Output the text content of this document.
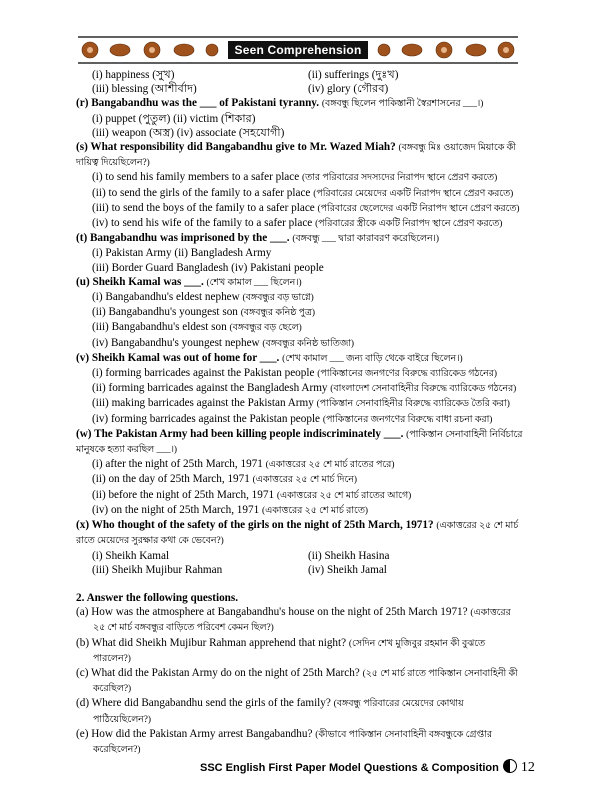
Seen Comprehension
(i) happiness (সুখ)	(ii) sufferings (দুঃখ)
(iii) blessing (আশীর্বাদ)	(iv) glory (গৌরব)
(r) Bangabandhu was the ___ of Pakistani tyranny. (বঙ্গবন্ধু ছিলেন পাকিস্তানী স্বৈরশাসনের ___।)
(i) puppet (পুতুল) (ii) victim (শিকার)
(iii) weapon (অস্ত্র) (iv) associate (সহযোগী)
(s) What responsibility did Bangabandhu give to Mr. Wazed Miah? (বঙ্গবন্ধু মিঃ ওয়াজেদ মিয়াকে কী দায়িত্ব দিয়েছিলেন?)
(i) to send his family members to a safer place (তার পরিবারের সদস্যদের নিরাপদ স্থানে প্রেরণ করতে)
(ii) to send the girls of the family to a safer place (পরিবারের মেয়েদের একটি নিরাপদ স্থানে প্রেরণ করতে)
(iii) to send the boys of the family to a safer place (পরিবারের ছেলেদের একটি নিরাপদ স্থানে প্রেরণ করতে)
(iv) to send his wife of the family to a safer place (পরিবারের স্ত্রীকে একটি নিরাপদ স্থানে প্রেরণ করতে)
(t) Bangabandhu was imprisoned by the ___. (বঙ্গবন্ধু ___ দ্বারা কারাবরণ করেছিলেন।)
(i) Pakistan Army (ii) Bangladesh Army
(iii) Border Guard Bangladesh (iv) Pakistani people
(u) Sheikh Kamal was ___. (শেখ কামাল ___ ছিলেন।)
(i) Bangabandhu's eldest nephew (বঙ্গবন্ধুর বড় ভাগ্নে)
(ii) Bangabandhu's youngest son (বঙ্গবন্ধুর কনিষ্ঠ পুত্র)
(iii) Bangabandhu's eldest son (বঙ্গবন্ধুর বড় ছেলে)
(iv) Bangabandhu's youngest nephew (বঙ্গবন্ধুর কনিষ্ঠ ভাতিজা)
(v) Sheikh Kamal was out of home for ___. (শেখ কামাল ___ জন্য বাড়ি থেকে বাইরে ছিলেন।)
(i) forming barricades against the Pakistan people (পাকিস্তানের জনগণের বিরুদ্ধে ব্যারিকেড গঠনের)
(ii) forming barricades against the Bangladesh Army (বাংলাদেশ সেনাবাহিনীর বিরুদ্ধে ব্যারিকেড গঠনের)
(iii) making barricades against the Pakistan Army (পাকিস্তান সেনাবাহিনীর বিরুদ্ধে ব্যারিকেড তৈরি করা)
(iv) forming barricades against the Pakistan people (পাকিস্তানের জনগণের বিরুদ্ধে বাধা রচনা করা)
(w) The Pakistan Army had been killing people indiscriminately ___. (পাকিস্তান সেনাবাহিনী নির্বিচারে মানুষকে হত্যা করছিল ___।)
(i) after the night of 25th March, 1971 (একাত্তরের ২৫ শে মার্চ রাতের পরে)
(ii) on the day of 25th March, 1971 (একাত্তরের ২৫ শে মার্চ দিনে)
(ii) before the night of 25th March, 1971 (একাত্তরের ২৫ শে মার্চ রাতের আগে)
(iv) on the night of 25th March, 1971 (একাত্তরের ২৫ শে মার্চ রাতে)
(x) Who thought of the safety of the girls on the night of 25th March, 1971? (একাত্তরের ২৫ শে মার্চ রাতে মেয়েদের সুরক্ষার কথা কে ভেবেন?)
(i) Sheikh Kamal	(ii) Sheikh Hasina
(iii) Sheikh Mujibur Rahman	(iv) Sheikh Jamal
2. Answer the following questions.
(a) How was the atmosphere at Bangabandhu's house on the night of 25th March 1971? (একাত্তরের ২৫ শে মার্চ বঙ্গবন্ধুর বাড়িতে পরিবেশ কেমন ছিল?)
(b) What did Sheikh Mujibur Rahman apprehend that night? (সেদিন শেখ মুজিবুর রহমান কী বুঝতে পারলেন?)
(c) What did the Pakistan Army do on the night of 25th March? (২৫ শে মার্চ রাতে পাকিস্তান সেনাবাহিনী কী করেছিল?)
(d) Where did Bangabandhu send the girls of the family? (বঙ্গবন্ধু পরিবারের মেয়েদের কোথায় পাঠিয়েছিলেন?)
(e) How did the Pakistan Army arrest Bangabandhu? (কীভাবে পাকিস্তান সেনাবাহিনী বঙ্গবন্ধুকে গ্রেপ্তার করেছিলেন?)
SSC English First Paper Model Questions & Composition 12
